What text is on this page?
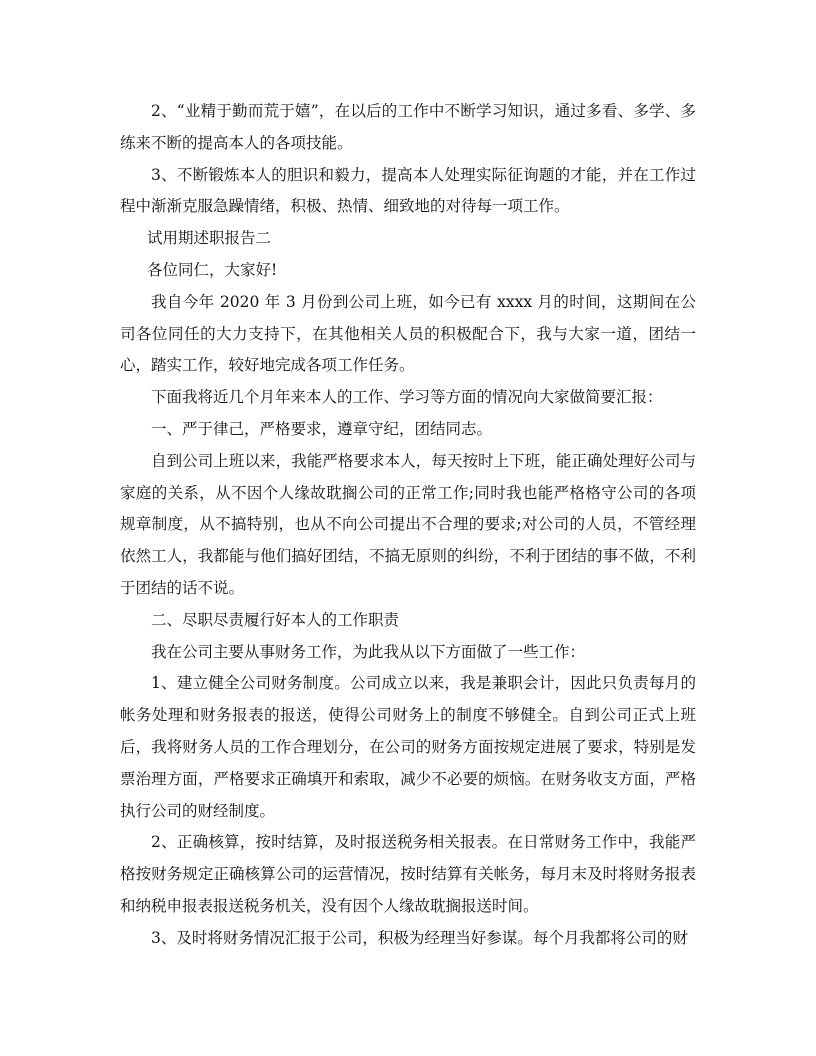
2、“业精于勤而荒于嬉”，在以后的工作中不断学习知识，通过多看、多学、多练来不断的提高本人的各项技能。

3、不断锻炼本人的胆识和毅力，提高本人处理实际征询题的才能，并在工作过程中渐渐克服急躁情绪，积极、热情、细致地的对待每一项工作。

试用期述职报告二

各位同仁，大家好!

我自今年 2020 年 3 月份到公司上班，如今已有 xxxx 月的时间，这期间在公司各位同任的大力支持下，在其他相关人员的积极配合下，我与大家一道，团结一心，踏实工作，较好地完成各项工作任务。

下面我将近几个月年来本人的工作、学习等方面的情况向大家做简要汇报：

一、严于律己，严格要求，遵章守纪，团结同志。

自到公司上班以来，我能严格要求本人，每天按时上下班，能正确处理好公司与家庭的关系，从不因个人缘故耽搁公司的正常工作;同时我也能严格格守公司的各项规章制度，从不搞特别，也从不向公司提出不合理的要求;对公司的人员，不管经理依然工人，我都能与他们搞好团结，不搞无原则的纠纷，不利于团结的事不做，不利于团结的话不说。

二、尽职尽责履行好本人的工作职责

我在公司主要从事财务工作，为此我从以下方面做了一些工作：

1、建立健全公司财务制度。公司成立以来，我是兼职会计，因此只负责每月的帐务处理和财务报表的报送，使得公司财务上的制度不够健全。自到公司正式上班后，我将财务人员的工作合理划分，在公司的财务方面按规定进展了要求，特别是发票治理方面，严格要求正确填开和索取，减少不必要的烦恼。在财务收支方面，严格执行公司的财经制度。

2、正确核算，按时结算，及时报送税务相关报表。在日常财务工作中，我能严格按财务规定正确核算公司的运营情况，按时结算有关帐务，每月末及时将财务报表和纳税申报表报送税务机关，没有因个人缘故耽搁报送时间。

3、及时将财务情况汇报于公司，积极为经理当好参谋。每个月我都将公司的财
